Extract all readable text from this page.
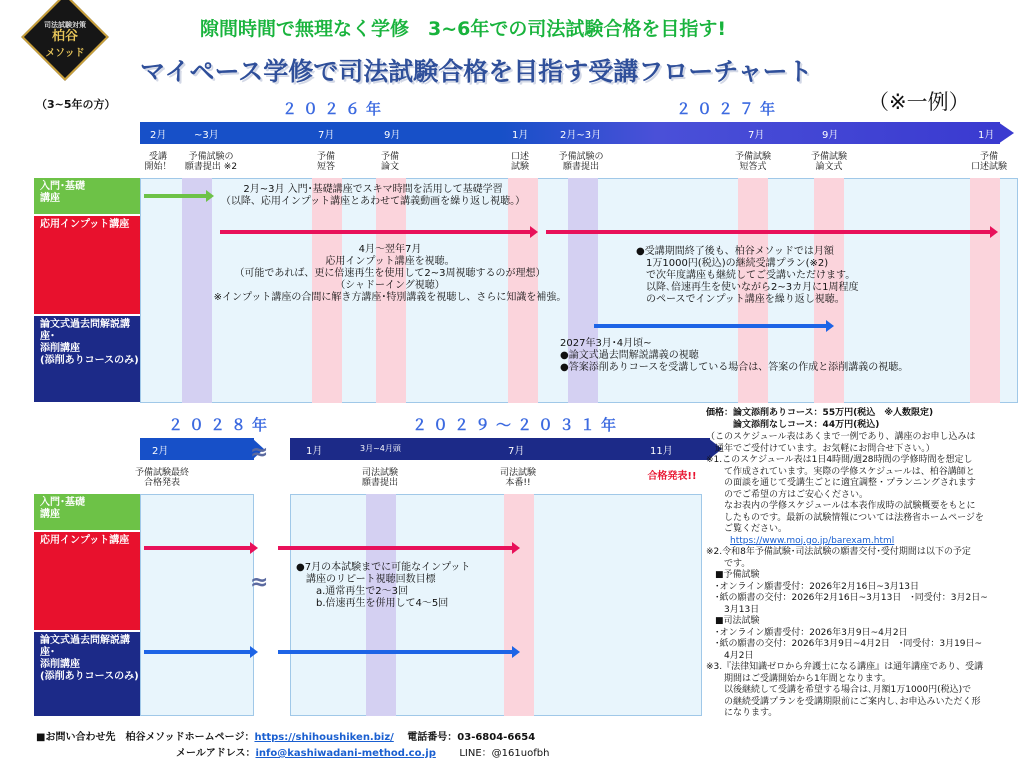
司法試験対策
柏谷
メソッド
（3~5年の方）
隙間時間で無理なく学修　3~6年での司法試験合格を目指す!
マイペース学修で司法試験合格を目指す受講フローチャート
（※一例）
２０２６年	２０２７年
2月	~3月	7月	9月	1月	2月~3月	7月	9月	1月
受講
開始！
予備試験の
願書提出 ※2
予備
短答
予備
論文
口述
試験
予備試験の
願書提出
予備試験
短答式
予備試験
論文式
予備
口述試験
入門･基礎
講座
応用インプット講座
論文式過去問解説講
座･
添削講座
(添削ありコースのみ)
2月~3月 入門･基礎講座でスキマ時間を活用して基礎学習
（以降、応用インプット講座とあわせて講義動画を繰り返し視聴。）
4月～翌年7月
応用インプット講座を視聴。
（可能であれば、更に倍速再生を使用して2~3周視聴するのが理想）
（シャドーイング視聴）
※インプット講座の合間に解き方講座･特別講義を視聴し、さらに知識を補強。
●受講期間終了後も、柏谷メソッドでは月額
　1万1000円(税込)の継続受講プラン(※2)
　で次年度講座も継続してご受講いただけます。
　以降､倍速再生を使いながら2~3カ月に1周程度
　のペースでインプット講座を繰り返し視聴。
2027年3月･4月頃~
●論文式過去問解説講義の視聴
●答案添削ありコースを受講している場合は、答案の作成と添削講義の視聴。
２０２８年	２０２９～２０３１年
≈
2月	1月	3月~4月頭	7月	11月
予備試験最終
合格発表
司法試験
願書提出
司法試験
本番!!
合格発表!!
≈
入門･基礎
講座
応用インプット講座
論文式過去問解説講
座･
添削講座
(添削ありコースのみ)
●7月の本試験までに可能なインプット
　講座のリピート視聴回数目標
　　a.通常再生で2～3回
　　b.倍速再生を併用して4～5回
価格：論文添削ありコース：55万円(税込　※人数限定)
　　　論文添削なしコース：44万円(税込)
（このスケジュール表はあくまで一例であり、講座のお申し込みは
　通年でご受付けています。お気軽にお問合せ下さい。）
※1.このスケジュール表は1日4時間/週28時間の学修時間を想定し
　　て作成されています。実際の学修スケジュールは、柏谷講師と
　　の面談を通じて受講生ごとに適宜調整・プランニングされます
　　のでご希望の方はご安心ください。
　　なお表内の学修スケジュールは本表作成時の試験概要をもとに
　　したものです。最新の試験情報については法務省ホームページを
　　ご覧ください。
https://www.moj.go.jp/barexam.html
※2.令和8年予備試験･司法試験の願書交付･受付期間は以下の予定
　　です。
　■予備試験
　･オンライン願書受付：2026年2月16日~3月13日
　･紙の願書の交付：2026年2月16日~3月13日　･同受付：3月2日~
　　3月13日
　■司法試験
　･オンライン願書受付：2026年3月9日~4月2日
　･紙の願書の交付：2026年3月9日~4月2日　･同受付：3月19日~
　　4月2日
※3.『法律知識ゼロから弁護士になる講座』は通年講座であり、受講
　　期間はご受講開始から1年間となります。
　　以後継続して受講を希望する場合は､月額1万1000円(税込)で
　　の継続受講プランを受講期限前にご案内し､お申込みいただく形
　　になります。
■お問い合わせ先　柏谷メソッドホームページ：https://shihoushiken.biz/ 電話番号：03-6804-6654
メールアドレス：info@kashiwadani-method.co.jp LINE：@161uofbh
